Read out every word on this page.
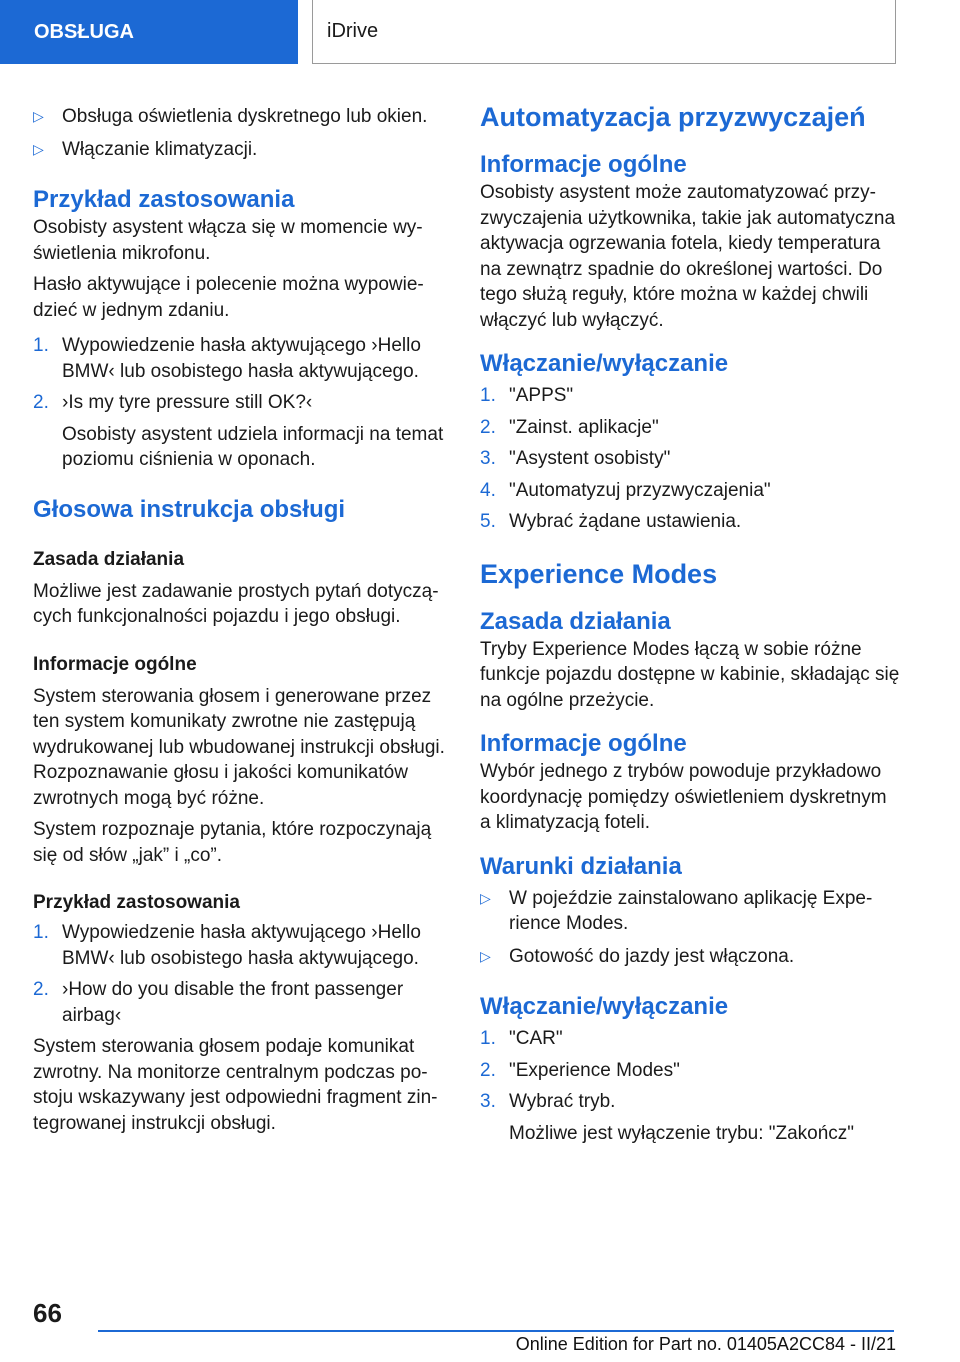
OBSŁUGA	iDrive
▷ Obsługa oświetlenia dyskretnego lub okien.
▷ Włączanie klimatyzacji.
Przykład zastosowania

Osobisty asystent włącza się w momencie wy- świetlenia mikrofonu.

Hasło aktywujące i polecenie można wypowie- dzieć w jednym zdaniu.

1. Wypowiedzenie hasła aktywującego ›Hello BMW‹ lub osobistego hasła aktywującego.
2. ›Is my tyre pressure still OK?‹
Osobisty asystent udziela informacji na temat poziomu ciśnienia w oponach.
Głosowa instrukcja obsługi
Zasada działania

Możliwe jest zadawanie prostych pytań dotyczą- cych funkcjonalności pojazdu i jego obsługi.

Informacje ogólne

System sterowania głosem i generowane przez ten system komunikaty zwrotne nie zastępują wydrukowanej lub wbudowanej instrukcji obsługi. Rozpoznawanie głosu i jakości komunikatów zwrotnych mogą być różne.

System rozpoznaje pytania, które rozpoczynają się od słów „jak” i „co”.

Przykład zastosowania
1. Wypowiedzenie hasła aktywującego ›Hello BMW‹ lub osobistego hasła aktywującego.
2. ›How do you disable the front passenger airbag‹

System sterowania głosem podaje komunikat zwrotny. Na monitorze centralnym podczas po- stoju wskazywany jest odpowiedni fragment zin- tegrowanej instrukcji obsługi.

Automatyzacja przyzwyczajeń
Informacje ogólne

Osobisty asystent może zautomatyzować przy- zwyczajenia użytkownika, takie jak automatyczna aktywacja ogrzewania fotela, kiedy temperatura na zewnątrz spadnie do określonej wartości. Do tego służą reguły, które można w każdej chwili włączyć lub wyłączyć.

Włączanie/wyłączanie
1. "APPS"
2. "Zainst. aplikacje"
3. "Asystent osobisty"
4. "Automatyzuj przyzwyczajenia"
5. Wybrać żądane ustawienia.
Experience Modes
Zasada działania

Tryby Experience Modes łączą w sobie różne funkcje pojazdu dostępne w kabinie, składając się na ogólne przeżycie.

Informacje ogólne

Wybór jednego z trybów powoduje przykładowo koordynację pomiędzy oświetleniem dyskretnym a klimatyzacją foteli.

Warunki działania
▷ W pojeździe zainstalowano aplikację Expe- rience Modes.
▷ Gotowość do jazdy jest włączona.
Włączanie/wyłączanie
1. "CAR"
2. "Experience Modes"
3. Wybrać tryb.
Możliwe jest wyłączenie trybu: "Zakończ"
66
Online Edition for Part no. 01405A2CC84 - II/21
